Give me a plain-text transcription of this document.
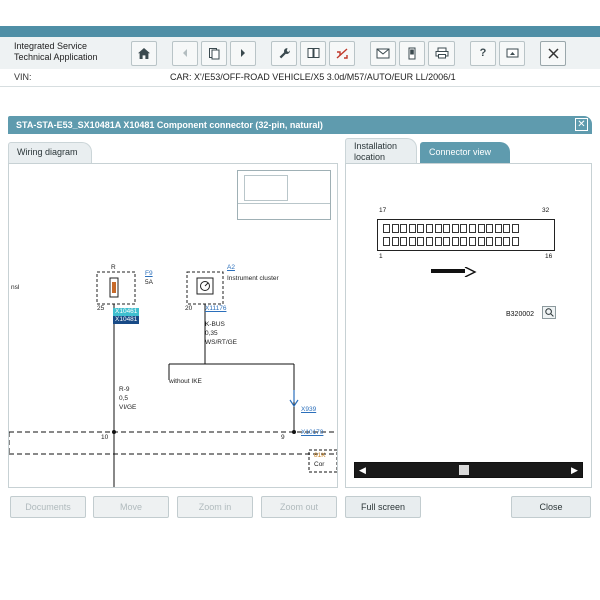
Integrated Service
Technical Application	?
VIN:	CAR: X'/E53/OFF-ROAD VEHICLE/X5 3.0d/M57/AUTO/EUR LL/2006/1
STA-STA-E53_SX10481A X10481 Component connector (32-pin, natural)	✕
Wiring diagram
Installation
location	Connector view
nsl
R
F9
5A
25	X10461
X10481
A2
Instrument cluster
20 X11176
K-BUS
0,35
WS/RT/GE
without IKE
R-9
0,5
VI/GE
10	9
X939
X10170
81K
Cor
17	32
1	16
B320002
◀	▶
Documents	Move	Zoom in	Zoom out	Full screen	Close
